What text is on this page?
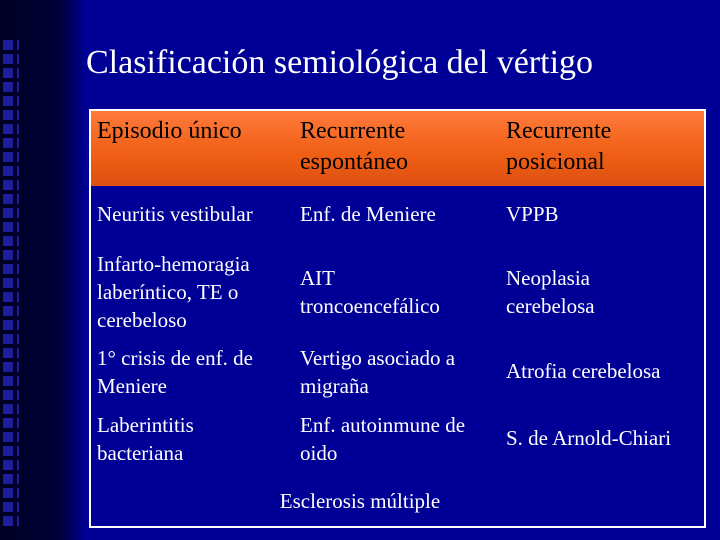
Clasificación semiológica del vértigo
Episodio único Recurrente
espontáneo
Recurrente
posicional
Neuritis vestibular Enf. de Meniere	VPPB
Infarto-hemoragia
laberíntico, TE o
cerebeloso
AIT
troncoencefálico
Neoplasia
cerebelosa
1° crisis de enf. de
Meniere
Vertigo asociado a
migraña
Atrofia cerebelosa
Laberintitis
bacteriana
Enf. autoinmune de
oido
S. de Arnold-Chiari
Esclerosis múltiple
